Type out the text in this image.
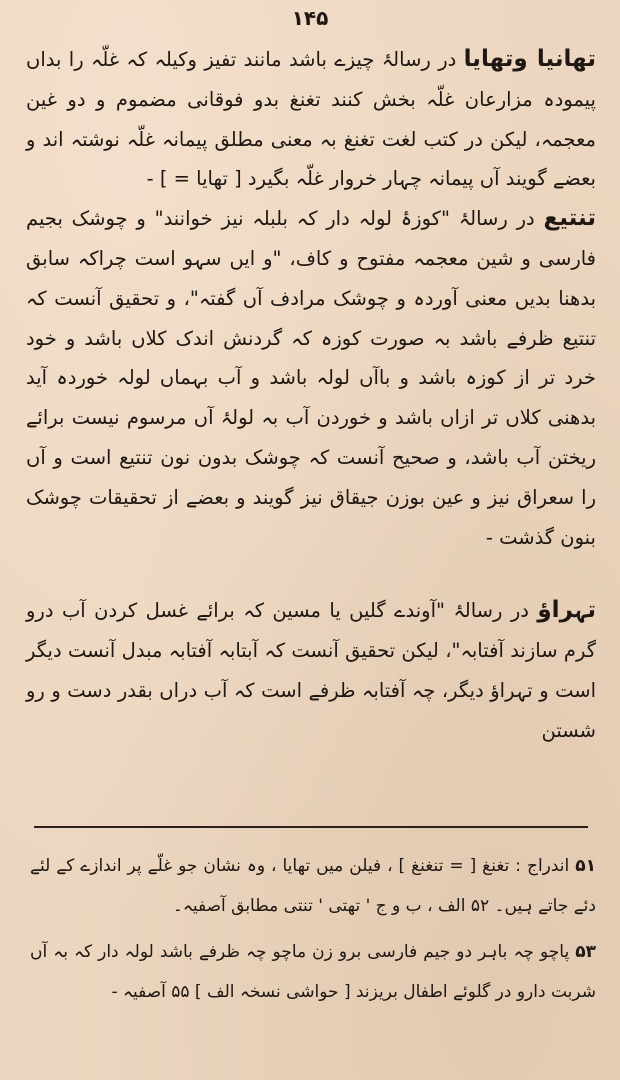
۱۴۵

تھانیا وتھایا در رسالۂ چیزے باشد مانند تفیز وکیلہ کہ غلّہ را بداں پیمودہ مزارعان غلّہ بخش کنند تغنغ بدو فوقانی مضموم و دو غین معجمہ، لیکن در کتب لغت تغنغ بہ معنی مطلق پیمانہ غلّہ نوشتہ اند و بعضے گویند آں پیمانہ چہار خروار غلّہ بگیرد [ تھایا = ] -

تنتیع در رسالۂ "کوزۂ لولہ دار کہ بلبلہ نیز خوانند" و چوشک بجیم فارسی و شین معجمہ مفتوح و کاف، "و ایں سہو است چراکہ سابق بدھنا بدیں معنی آوردہ و چوشک مرادف آں گفتہ"، و تحقیق آنست کہ تنتیع ظرفے باشد بہ صورت کوزہ کہ گردنش اندک کلاں باشد و خود خرد تر از کوزہ باشد و باآں لولہ باشد و آب بہماں لولہ خوردہ آید بدھنی کلاں تر ازاں باشد و خوردن آب بہ لولۂ آں مرسوم نیست برائے ریختن آب باشد، و صحیح آنست کہ چوشک بدون نون تنتیع است و آں را سعراق نیز و عین بوزن جیقاق نیز گویند و بعضے از تحقیقات چوشک بنون گذشت -

تہراؤ در رسالۂ "آوندے گلیں یا مسین کہ برائے غسل کردن آب درو گرم سازند آفتابہ"، لیکن تحقیق آنست کہ آبتابہ آفتابہ مبدل آنست دیگر است و تہراؤ دیگر، چہ آفتابہ ظرفے است کہ آب دراں بقدر دست و رو شستن

۵۱ اندراج : تغنغ [ = تنغنغ ] ، فیلن میں تھایا ، وہ نشان جو غلّے پر اندازے کے لئے دئے جاتے ہیں۔ ۵۲ الف ، ب و ج ' تھتی ' تنتی مطابق آصفیہ۔

۵۳ پاچو چہ باہر دو جیم فارسی برو زن ماچو چہ ظرفے باشد لولہ دار کہ بہ آں شربت دارو در گلوئے اطفال بریزند [ حواشی نسخہ الف ] ۵۵ آصفیہ -
